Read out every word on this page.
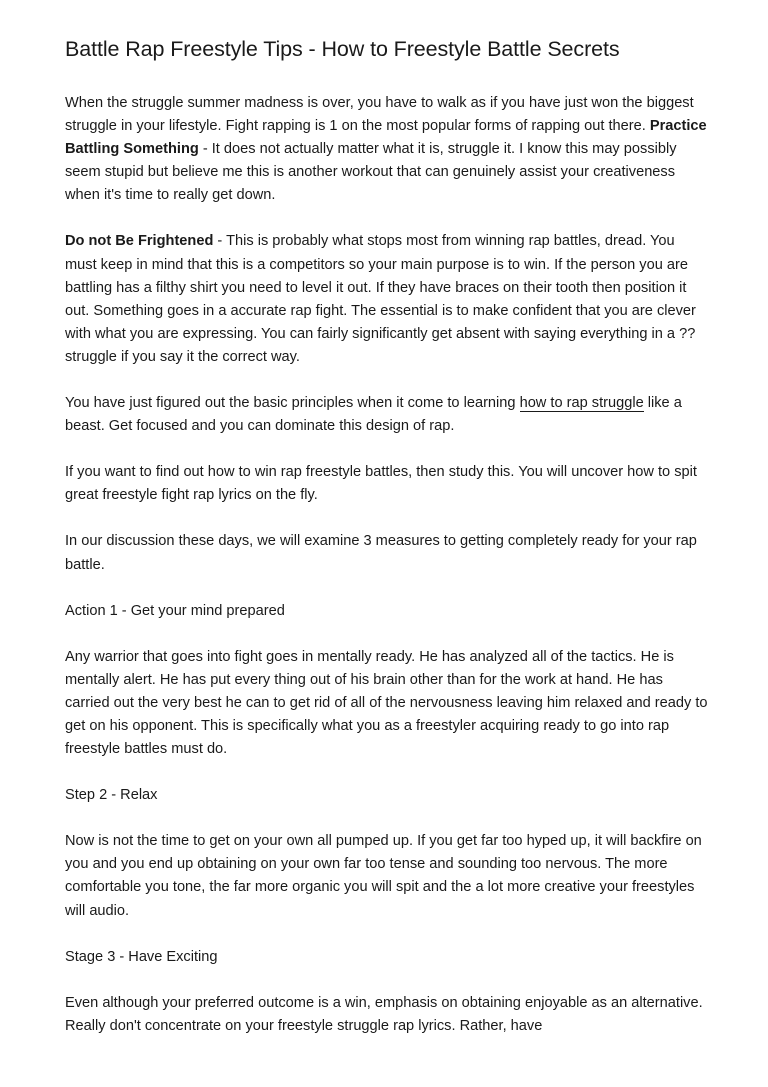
Battle Rap Freestyle Tips - How to Freestyle Battle Secrets

When the struggle summer madness is over, you have to walk as if you have just won the biggest struggle in your lifestyle. Fight rapping is 1 on the most popular forms of rapping out there. Practice Battling Something - It does not actually matter what it is, struggle it. I know this may possibly seem stupid but believe me this is another workout that can genuinely assist your creativeness when it's time to really get down.

Do not Be Frightened - This is probably what stops most from winning rap battles, dread. You must keep in mind that this is a competitors so your main purpose is to win. If the person you are battling has a filthy shirt you need to level it out. If they have braces on their tooth then position it out. Something goes in a accurate rap fight. The essential is to make confident that you are clever with what you are expressing. You can fairly significantly get absent with saying everything in a ??struggle if you say it the correct way.

You have just figured out the basic principles when it come to learning how to rap struggle like a beast. Get focused and you can dominate this design of rap.

If you want to find out how to win rap freestyle battles, then study this. You will uncover how to spit great freestyle fight rap lyrics on the fly.

In our discussion these days, we will examine 3 measures to getting completely ready for your rap battle.

Action 1 - Get your mind prepared

Any warrior that goes into fight goes in mentally ready. He has analyzed all of the tactics. He is mentally alert. He has put every thing out of his brain other than for the work at hand. He has carried out the very best he can to get rid of all of the nervousness leaving him relaxed and ready to get on his opponent. This is specifically what you as a freestyler acquiring ready to go into rap freestyle battles must do.

Step 2 - Relax

Now is not the time to get on your own all pumped up. If you get far too hyped up, it will backfire on you and you end up obtaining on your own far too tense and sounding too nervous. The more comfortable you tone, the far more organic you will spit and the a lot more creative your freestyles will audio.

Stage 3 - Have Exciting

Even although your preferred outcome is a win, emphasis on obtaining enjoyable as an alternative. Really don't concentrate on your freestyle struggle rap lyrics. Rather, have
